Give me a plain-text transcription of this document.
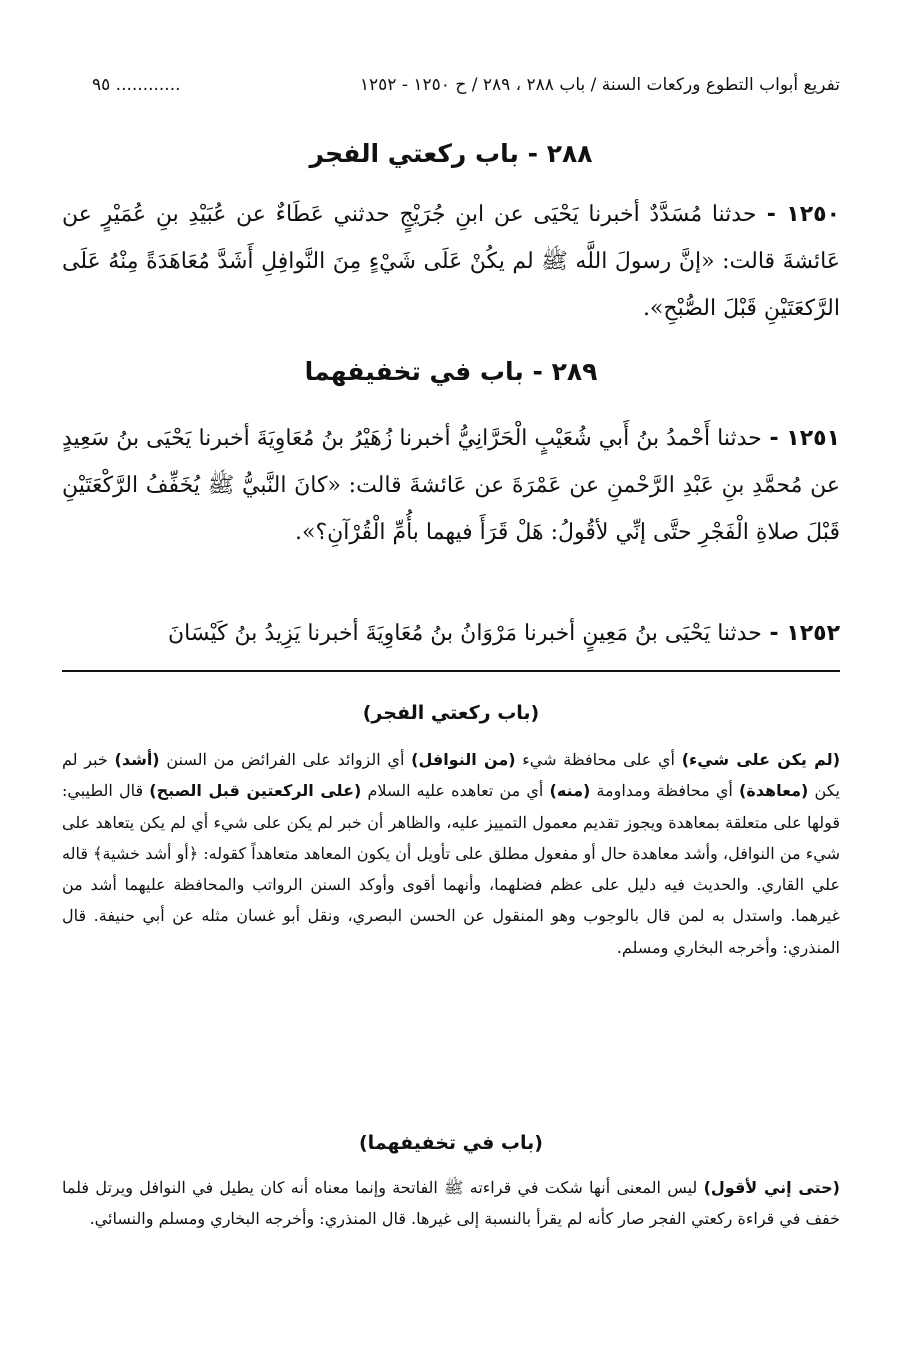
تفريع أبواب التطوع وركعات السنة / باب ٢٨٨ ، ٢٨٩ / ح ١٢٥٠ - ١٢٥٢
٩٥ ............
٢٨٨ - باب ركعتي الفجر
١٢٥٠ - حدثنا مُسَدَّدٌ أخبرنا يَحْيَى عن ابنِ جُرَيْجٍ حدثني عَطَاءٌ عن عُبَيْدِ بنِ عُمَيْرٍ عن عَائشةَ قالت: «إنَّ رسولَ اللَّه ﷺ لم يكُنْ عَلَى شَيْءٍ مِنَ النَّوافِلِ أَشَدَّ مُعَاهَدَةً مِنْهُ عَلَى الرَّكعَتَيْنِ قَبْلَ الصُّبْحِ».
٢٨٩ - باب في تخفيفهما
١٢٥١ - حدثنا أَحْمدُ بنُ أَبي شُعَيْبٍ الْحَرَّانِيُّ أخبرنا زُهَيْرُ بنُ مُعَاوِيَةَ أخبرنا يَحْيَى بنُ سَعِيدٍ عن مُحمَّدِ بنِ عَبْدِ الرَّحْمنِ عن عَمْرَةَ عن عَائشةَ قالت: «كانَ النَّبيُّ ﷺ يُخَفِّفُ الرَّكْعَتَيْنِ قَبْلَ صلاةِ الْفَجْرِ حتَّى إنِّي لأقُولُ: هَلْ قَرَأَ فيهما بأُمِّ الْقُرْآنِ؟».
١٢٥٢ - حدثنا يَحْيَى بنُ مَعِينٍ أخبرنا مَرْوَانُ بنُ مُعَاوِيَةَ أخبرنا يَزِيدُ بنُ كَيْسَانَ
(باب ركعتي الفجر)
(لم يكن على شيء) أي على محافظة شيء (من النوافل) أي الزوائد على الفرائض من السنن (أشد) خبر لم يكن (معاهدة) أي محافظة ومداومة (منه) أي من تعاهده عليه السلام (على الركعتين قبل الصبح) قال الطيبي: قولها على متعلقة بمعاهدة ويجوز تقديم معمول التمييز عليه، والظاهر أن خبر لم يكن على شيء أي لم يكن يتعاهد على شيء من النوافل، وأشد معاهدة حال أو مفعول مطلق على تأويل أن يكون المعاهد متعاهداً كقوله: ﴿أو أشد خشية﴾ قاله علي القاري. والحديث فيه دليل على عظم فضلهما، وأنهما أقوى وأوكد السنن الرواتب والمحافظة عليهما أشد من غيرهما. واستدل به لمن قال بالوجوب وهو المنقول عن الحسن البصري، ونقل أبو غسان مثله عن أبي حنيفة. قال المنذري: وأخرجه البخاري ومسلم.
(باب في تخفيفهما)
(حتى إني لأقول) ليس المعنى أنها شكت في قراءته ﷺ الفاتحة وإنما معناه أنه كان يطيل في النوافل ويرتل فلما خفف في قراءة ركعتي الفجر صار كأنه لم يقرأ بالنسبة إلى غيرها. قال المنذري: وأخرجه البخاري ومسلم والنسائي.
